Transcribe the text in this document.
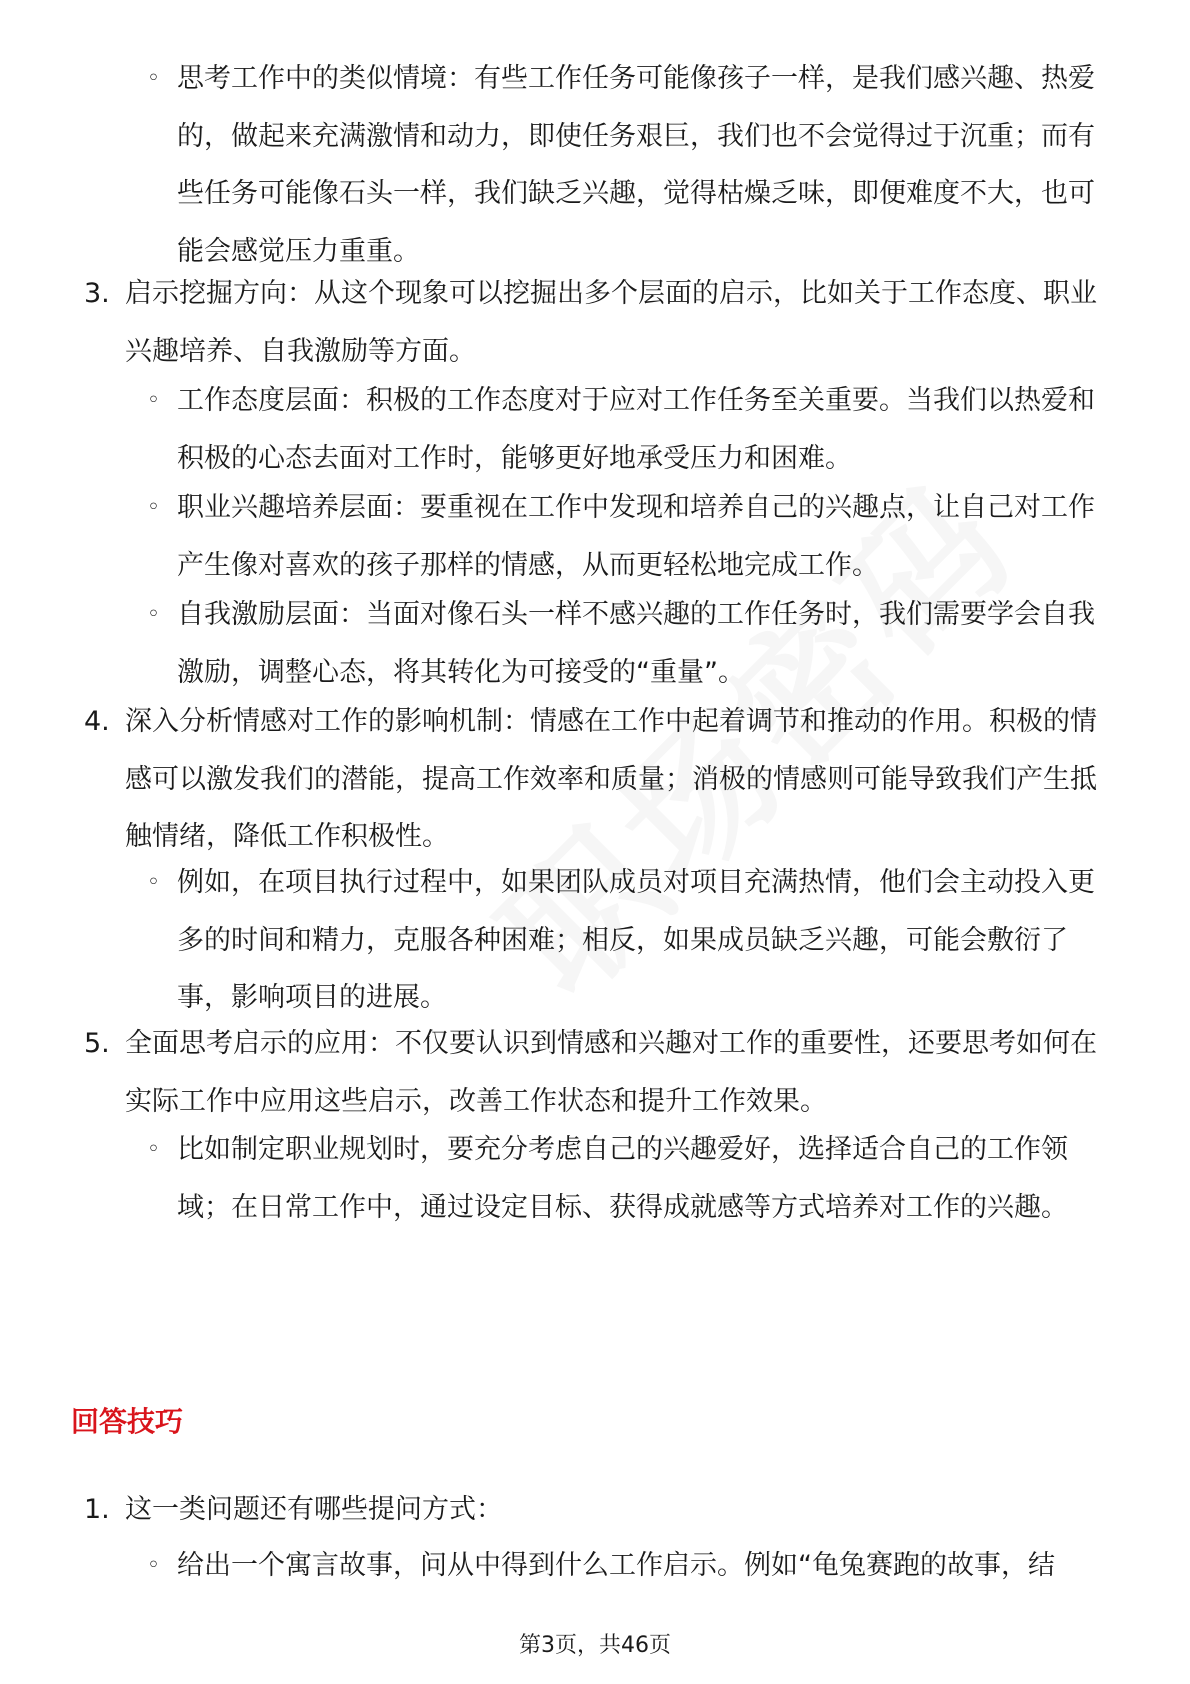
◦ 思考工作中的类似情境：有些工作任务可能像孩子一样，是我们感兴趣、热爱的，做起来充满激情和动力，即使任务艰巨，我们也不会觉得过于沉重；而有些任务可能像石头一样，我们缺乏兴趣，觉得枯燥乏味，即便难度不大，也可能会感觉压力重重。
3. 启示挖掘方向：从这个现象可以挖掘出多个层面的启示，比如关于工作态度、职业兴趣培养、自我激励等方面。
◦ 工作态度层面：积极的工作态度对于应对工作任务至关重要。当我们以热爱和积极的心态去面对工作时，能够更好地承受压力和困难。
◦ 职业兴趣培养层面：要重视在工作中发现和培养自己的兴趣点，让自己对工作产生像对喜欢的孩子那样的情感，从而更轻松地完成工作。
◦ 自我激励层面：当面对像石头一样不感兴趣的工作任务时，我们需要学会自我激励，调整心态，将其转化为可接受的“重量”。
4. 深入分析情感对工作的影响机制：情感在工作中起着调节和推动的作用。积极的情感可以激发我们的潜能，提高工作效率和质量；消极的情感则可能导致我们产生抵触情绪，降低工作积极性。
◦ 例如，在项目执行过程中，如果团队成员对项目充满热情，他们会主动投入更多的时间和精力，克服各种困难；相反，如果成员缺乏兴趣，可能会敷衍了事，影响项目的进展。
5. 全面思考启示的应用：不仅要认识到情感和兴趣对工作的重要性，还要思考如何在实际工作中应用这些启示，改善工作状态和提升工作效果。
◦ 比如制定职业规划时，要充分考虑自己的兴趣爱好，选择适合自己的工作领域；在日常工作中，通过设定目标、获得成就感等方式培养对工作的兴趣。
回答技巧
1. 这一类问题还有哪些提问方式：
◦ 给出一个寓言故事，问从中得到什么工作启示。例如“龟兔赛跑的故事，结
第3页，共46页
